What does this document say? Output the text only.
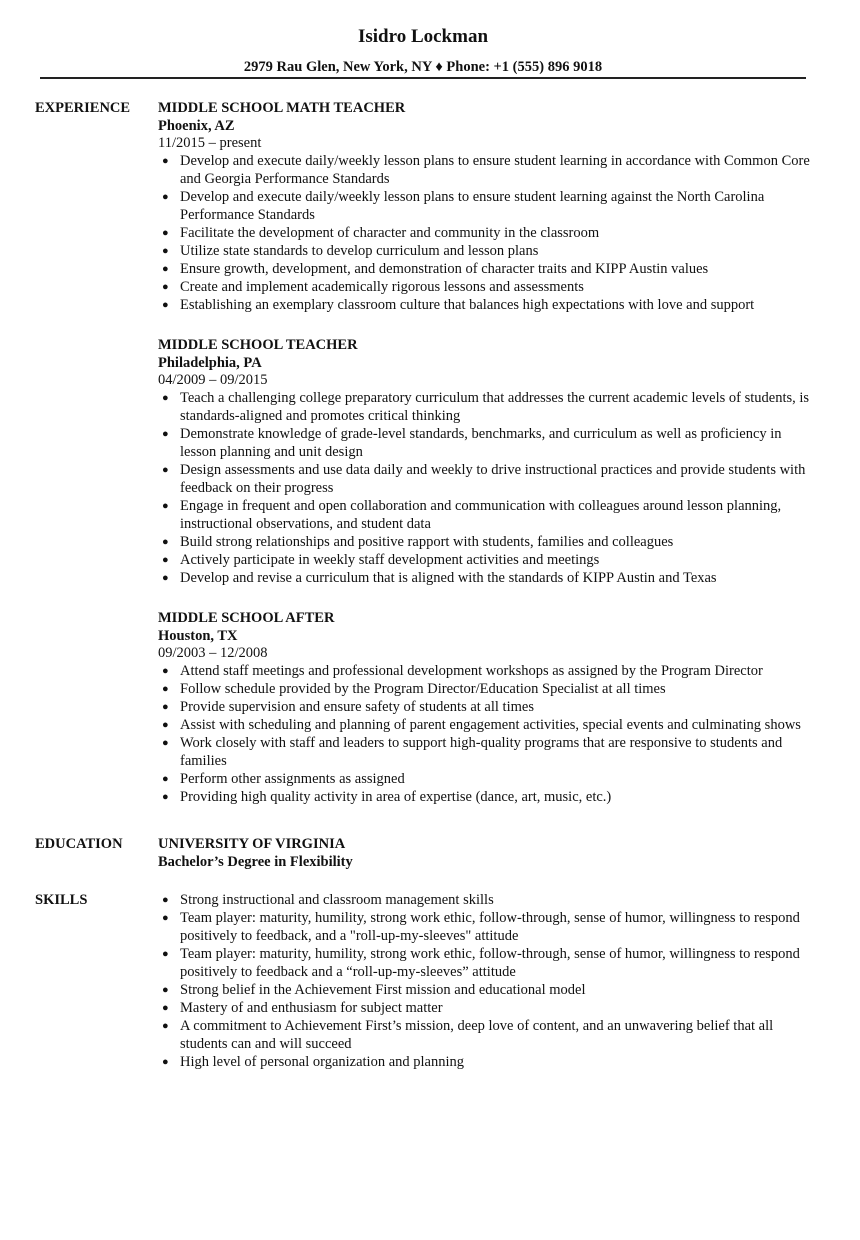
Isidro Lockman
2979 Rau Glen, New York, NY ♦ Phone: +1 (555) 896 9018
EXPERIENCE MIDDLE SCHOOL MATH TEACHER
Phoenix, AZ
11/2015 – present
● Develop and execute daily/weekly lesson plans to ensure student learning in accordance with Common Core and Georgia Performance Standards
● Develop and execute daily/weekly lesson plans to ensure student learning against the North Carolina Performance Standards
● Facilitate the development of character and community in the classroom
● Utilize state standards to develop curriculum and lesson plans
● Ensure growth, development, and demonstration of character traits and KIPP Austin values
● Create and implement academically rigorous lessons and assessments
● Establishing an exemplary classroom culture that balances high expectations with love and support
MIDDLE SCHOOL TEACHER
Philadelphia, PA
04/2009 – 09/2015
● Teach a challenging college preparatory curriculum that addresses the current academic levels of students, is standards-aligned and promotes critical thinking
● Demonstrate knowledge of grade-level standards, benchmarks, and curriculum as well as proficiency in lesson planning and unit design
● Design assessments and use data daily and weekly to drive instructional practices and provide students with feedback on their progress
● Engage in frequent and open collaboration and communication with colleagues around lesson planning, instructional observations, and student data
● Build strong relationships and positive rapport with students, families and colleagues
● Actively participate in weekly staff development activities and meetings
● Develop and revise a curriculum that is aligned with the standards of KIPP Austin and Texas
MIDDLE SCHOOL AFTER
Houston, TX
09/2003 – 12/2008
● Attend staff meetings and professional development workshops as assigned by the Program Director
● Follow schedule provided by the Program Director/Education Specialist at all times
● Provide supervision and ensure safety of students at all times
● Assist with scheduling and planning of parent engagement activities, special events and culminating shows
● Work closely with staff and leaders to support high-quality programs that are responsive to students and families
● Perform other assignments as assigned
● Providing high quality activity in area of expertise (dance, art, music, etc.)
EDUCATION UNIVERSITY OF VIRGINIA
Bachelor’s Degree in Flexibility
SKILLS	● Strong instructional and classroom management skills
● Team player: maturity, humility, strong work ethic, follow-through, sense of humor, willingness to respond positively to feedback, and a "roll-up-my-sleeves" attitude
● Team player: maturity, humility, strong work ethic, follow-through, sense of humor, willingness to respond positively to feedback and a “roll-up-my-sleeves” attitude
● Strong belief in the Achievement First mission and educational model
● Mastery of and enthusiasm for subject matter
● A commitment to Achievement First’s mission, deep love of content, and an unwavering belief that all students can and will succeed
● High level of personal organization and planning
